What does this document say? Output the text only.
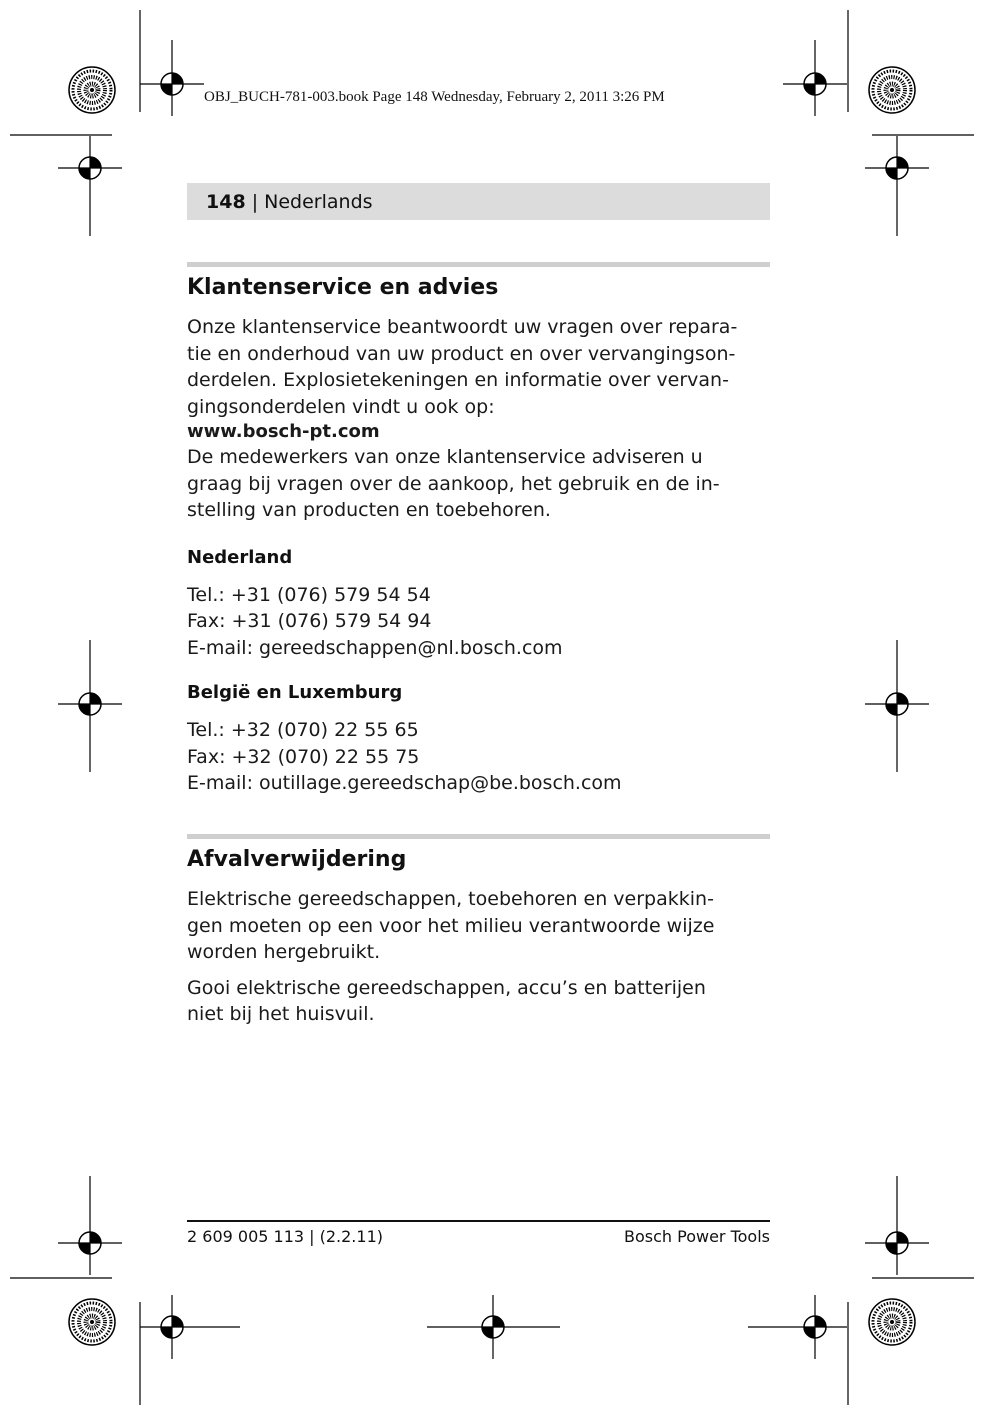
OBJ_BUCH-781-003.book Page 148 Wednesday, February 2, 2011 3:26 PM
148 | Nederlands
Klantenservice en advies

Onze klantenservice beantwoordt uw vragen over repara-

tie en onderhoud van uw product en over vervangingson-

derdelen. Explosietekeningen en informatie over vervan-

gingsonderdelen vindt u ook op:

www.bosch-pt.com

De medewerkers van onze klantenservice adviseren u

graag bij vragen over de aankoop, het gebruik en de in-

stelling van producten en toebehoren.

Nederland

Tel.: +31 (076) 579 54 54

Fax: +31 (076) 579 54 94

E-mail: gereedschappen@nl.bosch.com

België en Luxemburg

Tel.: +32 (070) 22 55 65

Fax: +32 (070) 22 55 75

E-mail: outillage.gereedschap@be.bosch.com

Afvalverwijdering

Elektrische gereedschappen, toebehoren en verpakkin-

gen moeten op een voor het milieu verantwoorde wijze

worden hergebruikt.

Gooi elektrische gereedschappen, accu’s en batterijen

niet bij het huisvuil.

2 609 005 113 | (2.2.11)	Bosch Power Tools
